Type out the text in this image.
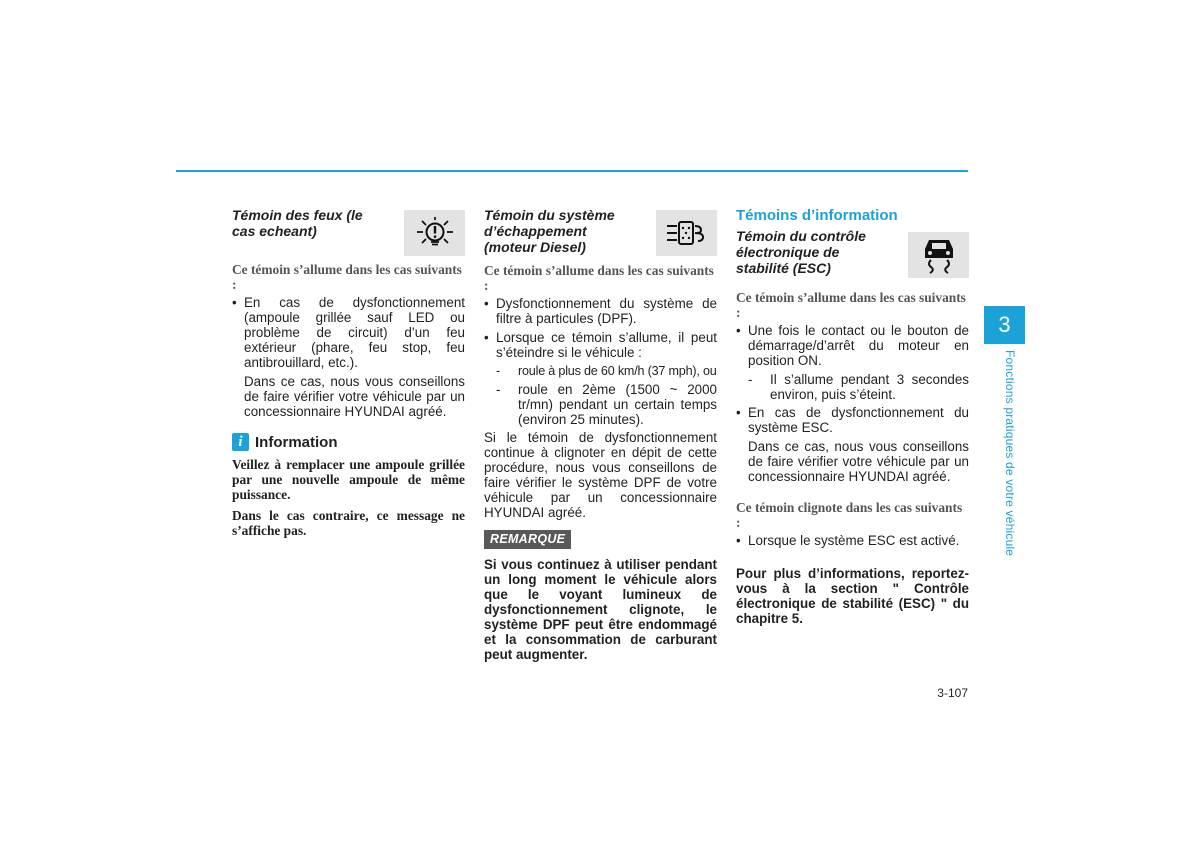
Témoin des feux (le cas echeant)
Ce témoin s’allume dans les cas suivants :
• En cas de dysfonctionnement (ampoule grillée sauf LED ou problème de circuit) d’un feu extérieur (phare, feu stop, feu antibrouillard, etc.).
Dans ce cas, nous vous conseillons de faire vérifier votre véhicule par un concessionnaire HYUNDAI agréé.
i Information
Veillez à remplacer une ampoule grillée par une nouvelle ampoule de même puissance.
Dans le cas contraire, ce message ne s’affiche pas.
Témoin du système d’échappement (moteur Diesel)
Ce témoin s’allume dans les cas suivants :
• Dysfonctionnement du système de filtre à particules (DPF).
• Lorsque ce témoin s’allume, il peut s’éteindre si le véhicule :
- roule à plus de 60 km/h (37 mph), ou
- roule en 2ème (1500 ~ 2000 tr/mn) pendant un certain temps (environ 25 minutes).
Si le témoin de dysfonctionnement continue à clignoter en dépit de cette procédure, nous vous conseillons de faire vérifier le système DPF de votre véhicule par un concessionnaire HYUNDAI agréé.
REMARQUE
Si vous continuez à utiliser pendant un long moment le véhicule alors que le voyant lumineux de dysfonctionnement clignote, le système DPF peut être endommagé et la consommation de carburant peut augmenter.
Témoins d’information
Témoin du contrôle électronique de stabilité (ESC)
Ce témoin s’allume dans les cas suivants :
• Une fois le contact ou le bouton de démarrage/d’arrêt du moteur en position ON.
- Il s’allume pendant 3 secondes environ, puis s’éteint.
• En cas de dysfonctionnement du système ESC.
Dans ce cas, nous vous conseillons de faire vérifier votre véhicule par un concessionnaire HYUNDAI agréé.
Ce témoin clignote dans les cas suivants :
• Lorsque le système ESC est activé.
Pour plus d’informations, reportez-vous à la section " Contrôle électronique de stabilité (ESC) " du chapitre 5.
3
Fonctions pratiques de votre véhicule
3-107
